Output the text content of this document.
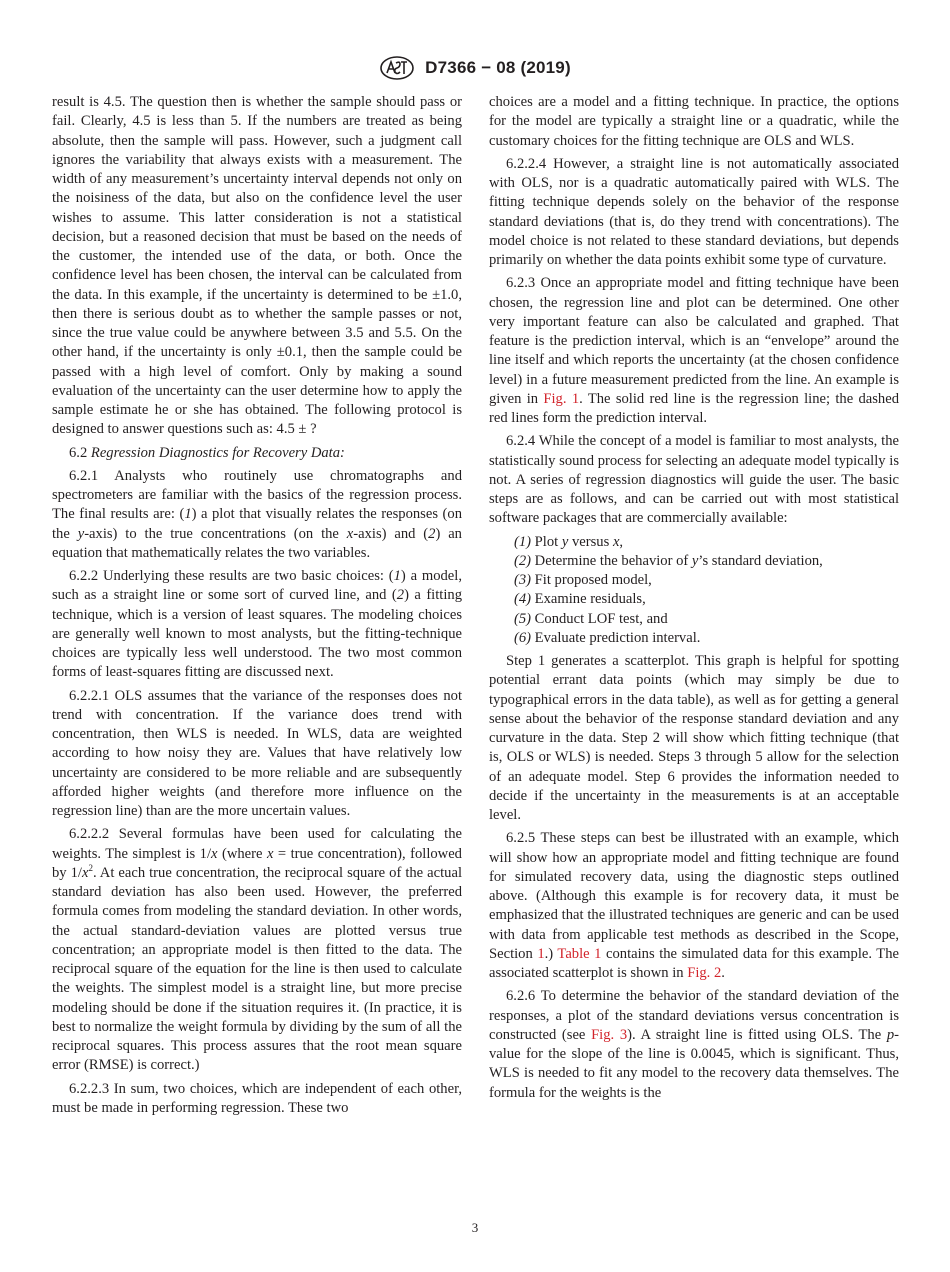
D7366 − 08 (2019)

result is 4.5. The question then is whether the sample should pass or fail. Clearly, 4.5 is less than 5. If the numbers are treated as being absolute, then the sample will pass. However, such a judgment call ignores the variability that always exists with a measurement. The width of any measurement’s uncertainty interval depends not only on the noisiness of the data, but also on the confidence level the user wishes to assume. This latter consideration is not a statistical decision, but a reasoned decision that must be based on the needs of the customer, the intended use of the data, or both. Once the confidence level has been chosen, the interval can be calculated from the data. In this example, if the uncertainty is determined to be ±1.0, then there is serious doubt as to whether the sample passes or not, since the true value could be anywhere between 3.5 and 5.5. On the other hand, if the uncertainty is only ±0.1, then the sample could be passed with a high level of comfort. Only by making a sound evaluation of the uncertainty can the user determine how to apply the sample estimate he or she has obtained. The following protocol is designed to answer questions such as: 4.5 ± ?

6.2 Regression Diagnostics for Recovery Data:

6.2.1 Analysts who routinely use chromatographs and spectrometers are familiar with the basics of the regression process. The final results are: (1) a plot that visually relates the responses (on the y-axis) to the true concentrations (on the x-axis) and (2) an equation that mathematically relates the two variables.

6.2.2 Underlying these results are two basic choices: (1) a model, such as a straight line or some sort of curved line, and (2) a fitting technique, which is a version of least squares. The modeling choices are generally well known to most analysts, but the fitting-technique choices are typically less well understood. The two most common forms of least-squares fitting are discussed next.

6.2.2.1 OLS assumes that the variance of the responses does not trend with concentration. If the variance does trend with concentration, then WLS is needed. In WLS, data are weighted according to how noisy they are. Values that have relatively low uncertainty are considered to be more reliable and are subsequently afforded higher weights (and therefore more influence on the regression line) than are the more uncertain values.

6.2.2.2 Several formulas have been used for calculating the weights. The simplest is 1/x (where x = true concentration), followed by $1/x^2$. At each true concentration, the reciprocal square of the actual standard deviation has also been used. However, the preferred formula comes from modeling the standard deviation. In other words, the actual standard-deviation values are plotted versus true concentration; an appropriate model is then fitted to the data. The reciprocal square of the equation for the line is then used to calculate the weights. The simplest model is a straight line, but more precise modeling should be done if the situation requires it. (In practice, it is best to normalize the weight formula by dividing by the sum of all the reciprocal squares. This process assures that the root mean square error (RMSE) is correct.)

6.2.2.3 In sum, two choices, which are independent of each other, must be made in performing regression. These two

choices are a model and a fitting technique. In practice, the options for the model are typically a straight line or a quadratic, while the customary choices for the fitting technique are OLS and WLS.

6.2.2.4 However, a straight line is not automatically associated with OLS, nor is a quadratic automatically paired with WLS. The fitting technique depends solely on the behavior of the response standard deviations (that is, do they trend with concentrations). The model choice is not related to these standard deviations, but depends primarily on whether the data points exhibit some type of curvature.

6.2.3 Once an appropriate model and fitting technique have been chosen, the regression line and plot can be determined. One other very important feature can also be calculated and graphed. That feature is the prediction interval, which is an “envelope” around the line itself and which reports the uncertainty (at the chosen confidence level) in a future measurement predicted from the line. An example is given in Fig. 1. The solid red line is the regression line; the dashed red lines form the prediction interval.

6.2.4 While the concept of a model is familiar to most analysts, the statistically sound process for selecting an adequate model typically is not. A series of regression diagnostics will guide the user. The basic steps are as follows, and can be carried out with most statistical software packages that are commercially available:

(1) Plot y versus x,
(2) Determine the behavior of y’s standard deviation,
(3) Fit proposed model,
(4) Examine residuals,
(5) Conduct LOF test, and
(6) Evaluate prediction interval.

Step 1 generates a scatterplot. This graph is helpful for spotting potential errant data points (which may simply be due to typographical errors in the data table), as well as for getting a general sense about the behavior of the response standard deviation and any curvature in the data. Step 2 will show which fitting technique (that is, OLS or WLS) is needed. Steps 3 through 5 allow for the selection of an adequate model. Step 6 provides the information needed to decide if the uncertainty in the measurements is at an acceptable level.

6.2.5 These steps can best be illustrated with an example, which will show how an appropriate model and fitting technique are found for simulated recovery data, using the diagnostic steps outlined above. (Although this example is for recovery data, it must be emphasized that the illustrated techniques are generic and can be used with data from applicable test methods as described in the Scope, Section 1.) Table 1 contains the simulated data for this example. The associated scatterplot is shown in Fig. 2.

6.2.6 To determine the behavior of the standard deviation of the responses, a plot of the standard deviations versus concentration is constructed (see Fig. 3). A straight line is fitted using OLS. The p-value for the slope of the line is 0.0045, which is significant. Thus, WLS is needed to fit any model to the recovery data themselves. The formula for the weights is the

3
